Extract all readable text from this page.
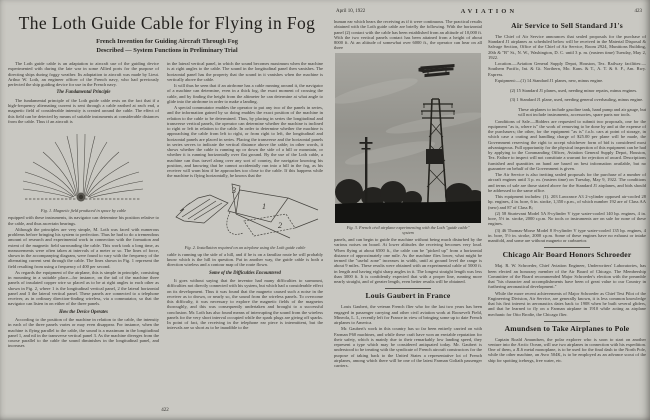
The Loth Guide Cable for Flying in Fog
French Invention for Guiding Aircraft Through Fog
Described — System Functions in Preliminary Trial

The Loth guide cable is an adaptation to aircraft use of the guiding device experimented with during the late war in some Allied ports for the purpose of directing ships during foggy weather. Its adaptation to aircraft was made by Lieut. Arthur W. Loth, an engineer officer of the French navy, who had previously perfected the ship guiding device for use in the French navy.

The Fundamental Principle

The fundamental principle of the Loth guide cable rests on the fact that if a high-frequency alternating current is sent through a cable earthed at each end, a magnetic field of considerable intensity is created around the cable. The effect of this field can be detected by means of suitable instruments at considerable distances from the cable. Thus if an aircraft is

Fig. 1. Magnetic field produced in space by cable

equipped with these instruments, its navigator can determine his position relative to the cable, and thus ascertain bearings.

Although the principles are very simple, M. Loth was faced with numerous problems before bringing his system to perfection. Thus he had to do a tremendous amount of research and experimental work in connection with the formation and extent of the magnetic field surrounding the cable. This work took a long time, as measurements were often taken at intervals of a meter or so. The lines of force, shown in the accompanying diagram, were found to vary with the frequency of the alternating current sent through the cable. The lines shown in Fig. 1 represent the field resulting from using a frequency of 400 per second.

As regards the equipment of the airplane, this is simple in principle, consisting in mounting in a suitable place—for instance, on the tail of the machine three panels of insulated copper wire so placed as to be at right angles to each other as shown in Fig. 2, where 1 is the longitudinal vertical panel, 2 the lateral horizontal panel and 3 the lateral vertical panel. These panels are connected to a telephone receiver, as in ordinary direction-finding wireless, via a commutator, so that the navigator can listen in on either of the three panels.

How the Device Operates

According to the position of the machine in relation to the cable, the intensity in each of the three panels varies or may even disappear. For instance, when the machine is flying parallel to the cable, the sound is a maximum in the longitudinal panel 1, and nil in the transverse vertical panel 3. As the machine diverges from the course parallel to the cable the sound diminishes in the longitudinal panel, and increases

in the lateral vertical panel, in which the sound becomes maximum when the machine is at right angles to the cable. The sound in the longitudinal panel then vanishes. The horizontal panel has the property that the sound in it vanishes when the machine is vertically above the cable.

It will thus be seen that if an airdrome has a cable running around it, the navigator of a machine can determine, even in a thick fog, the exact moment of crossing the cable, and by finding the height from the altimeter he can determine at what angle to glide into the airdrome in order to make a landing.

A special commutator enables the operator to put any two of the panels in series, and the information gained by so doing enables the exact position of the machine in relation to the cable to be determined. Thus, by placing in series the longitudinal and transverse vertical panels, the operator can determine whether the machine is inclined to right or left in relation to the cable. In order to determine whether the machine is approaching the cable from left to right, or from right to left, the longitudinal and horizontal panels are placed in series. Placing the transverse and the horizontal panels in series serves to indicate the vertical distance above the cable; in other words, it shows whether the cable is running up or down the side of a hill or mountain, or whether it is running horizontally over flat ground. By the use of the Loth cable, a machine can thus travel along over any sort of country, the navigator knowing his position, and knowing that he cannot accidentally run into a hill in the fog, as his receiver will warn him if he approaches too close to the cable. If this happens while the machine is flying horizontally, he knows that the

3
1
2
Fig. 2. Installation required on an airplane using the Loth guide cable

cable is running up the side of a hill, and if he is on a familiar route he will probably know which is the hill in question. Put in another way, the guide cable is both a direction wireless and a contour map of the route flown.

Some of the Difficulties Encountered

It goes without saying that the inventor had many difficulties to surmount, difficulties not directly connected with his system, but which had a considerable effect on its development. Thus it was found that the magneto caused such a noise in the receiver as to drown, or nearly so, the sound from the wireless panels. To overcome this difficulty, it was necessary to explore the magnetic fields of the magnetos thoroughly, and this was consequently undertaken and brought to a successful conclusion. Mr. Loth has also found means of interrupting the sound from the wireless panels for the very short interval occupied while the spark plugs are giving off sparks. In point of fact, the receiving in the telephone ear piece is intermittent, but the intervals are so short as to be inaudible to the

422
April 10, 1922	AVIATION	423

human ear which hears the receiving as if it were continuous. The practical results obtained with the Loth guide cable are briefly the following. With the horizontal panel (2) contact with the cable has been established from an altitude of 10,000 ft. With the two vertical panels contact has been attained from a height of about 8000 ft. At an altitude of somewhat over 6000 ft., the operator can hear on all three

Fig. 3. French civil airplane experimenting with the Loth "guide cable" system

panels, and can begin to guide the machine without being much disturbed by the various noises on board. At lower altitudes the receiving becomes very loud. When flying at about 6500 ft., the cable can be "picked up" from a horizontal distance of approximately one mile. As the machine flies lower, what might be termed the "useful zone" increases in width, until at ground level the range is about 9 miles. These results were obtained with an experimental cable of 5000 ft. in length and having eight sharp angles in it. The longest straight length was less than 3000 ft. It is confidently expected that with a proper line, running more nearly straight, and of greater length, even better results will be obtained.

Louis Gaubert in France

Louis Gaubert, the veteran French flier who for the last two years has been engaged in passenger carrying and other civil aviation work at Roosevelt Field, Mineola, L. I., recently left for France in view of bringing some up to date French airplanes to America.

Mr. Gaubert's work in this country has so far been entirely carried on with Farman F60 machines, and while these craft have won an enviable reputation for their safety, which is mainly due to their remarkably low landing speed, they represent a type which may be considered antiquated today. Mr. Gaubert is understood to be treating with the syndicate of French aircraft constructors for the purpose of taking back to the United States a representative lot of French airplanes, among which there will be one of the latest Farman Goliath passenger carriers.

Air Service to Sell Standard J1's

The Chief of Air Service announces that sealed proposals for the purchase of Standard J1 airplanes as scheduled below will be received in the Material Disposal & Salvage Section, Office of the Chief of Air Service, Room 2924, Munitions Building, 20th & "B" St., N. W., Washington, D. C. until 3 p. m. (eastern time) Tuesday, May 2, 1922.

Location.—Aviation General Supply Depot, Houston, Tex. Railway facilities:—Southern Pacific, Int. & Gt. Northern, Mo. Kans. & T., A. T. & S. F., Am. Rwy. Express.

Equipment:—(1) 14 Standard J1 planes, new, minus engine.

(2) 15 Standard J1 planes, used, needing minor repairs, minus engines.

(3) 1 Standard J1 plane, used, needing general overhauling, minus engine.

These airplanes to include gasoline tank, hand pump and air gauge, but will not include instruments, accessories, spare parts nor tools.

Conditions of Sale.—Bidders are requested to submit two proposals, one for the equipment "as is, where is" the work of removing to be done by and at the expense of the purchasers; the other, for the equipment "as is" f.o.b. cars at point of storage, in which case a crating and handling charge of $25.00 per plane will be made, the Government reserving the right to accept whichever form of bid is considered most advantageous. Full opportunity for the physical inspection of this equipment can be had by applying to the Commanding Officer, Aviation General Supply Depot, Houston, Tex. Failure to inspect will not constitute a warrant for rejection of award. Descriptions furnished and quantities on hand are based on best information available, but no guarantee on behalf of the Government is given.

The Air Service is also inviting sealed proposals for the purchase of a number of aircraft engines until 3 p. m. (eastern time) on Tuesday, May 9, 1922. The conditions and terms of sale are those stated above for the Standard J1 airplanes, and bids should be addressed to the same office.

This equipment includes: (1). 203 Lawrance A3 2-cylinder opposed air-cooled 28 hp. engines, 4 in. bore, 6 in. stroke, 1,350 r.p.m., of which number 192 are of Class AA (new) and 87 of Class B;

(2) 58 Sturtevant Model 5A 8-cylinder V type water-cooled 140 hp. engines, 4 in. bore, 5½ in. stroke, 2000 r.p.m. No tools or instruments are on sale for none of these engines.

(3) 46 Thomas-Morse Model 8 8-cylinder V type water-cooled 135 hp. engines, 4 in. bore, 5½ in. stroke, 2000 r.p.m. Some of these engines have no exhaust or intake manifold, and some are without magneto or carburetor.

Chicago Air Board Honors Schroeder

Maj. R. W. Schroeder, Chief Aviation Engineer, Underwriters' Laboratories, has been elected an honorary member of the Air Board of Chicago. The Membership Committee of the Board recommended Major Schroeder's election with the preamble that "his character and accomplishments have been of great value to our Country in furthering aeronautical development."

While the more recent achievements of Major Schroeder as Chief Test Pilot of the Engineering Division, Air Service, are generally known, it is less common knowledge that his first interest in aeronautics dates back to 1908 when he built several gliders, and that he learned to fly on a Farman airplane in 1910 while acting as airplane mechanic for Otto Brodie, the Chicago flier.

Amundsen to Take Airplanes to Pole

Captain Roald Amundsen, the polar explorer who is soon to start on another venture into the Arctic Ocean, will use two airplanes in connection with his expedition. One of them, a JL6 metal monoplane, is to be used for the final dash to the North Pole, while the other machine, an Avro 504K, is to be employed as an advance scout of the ship for spotting icebergs, free water, etc.
